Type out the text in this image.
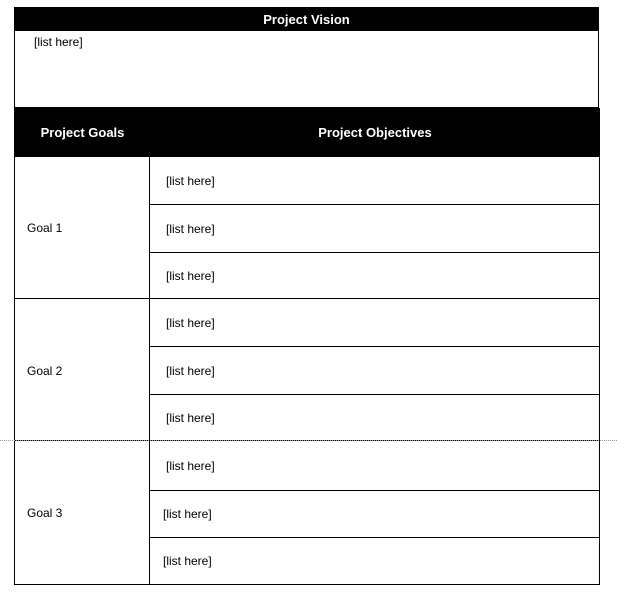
Project Vision
[list here]
Project Goals	Project Objectives
Goal 1
[list here]
[list here]
[list here]
Goal 2
[list here]
[list here]
[list here]
Goal 3
[list here]
[list here]
[list here]
